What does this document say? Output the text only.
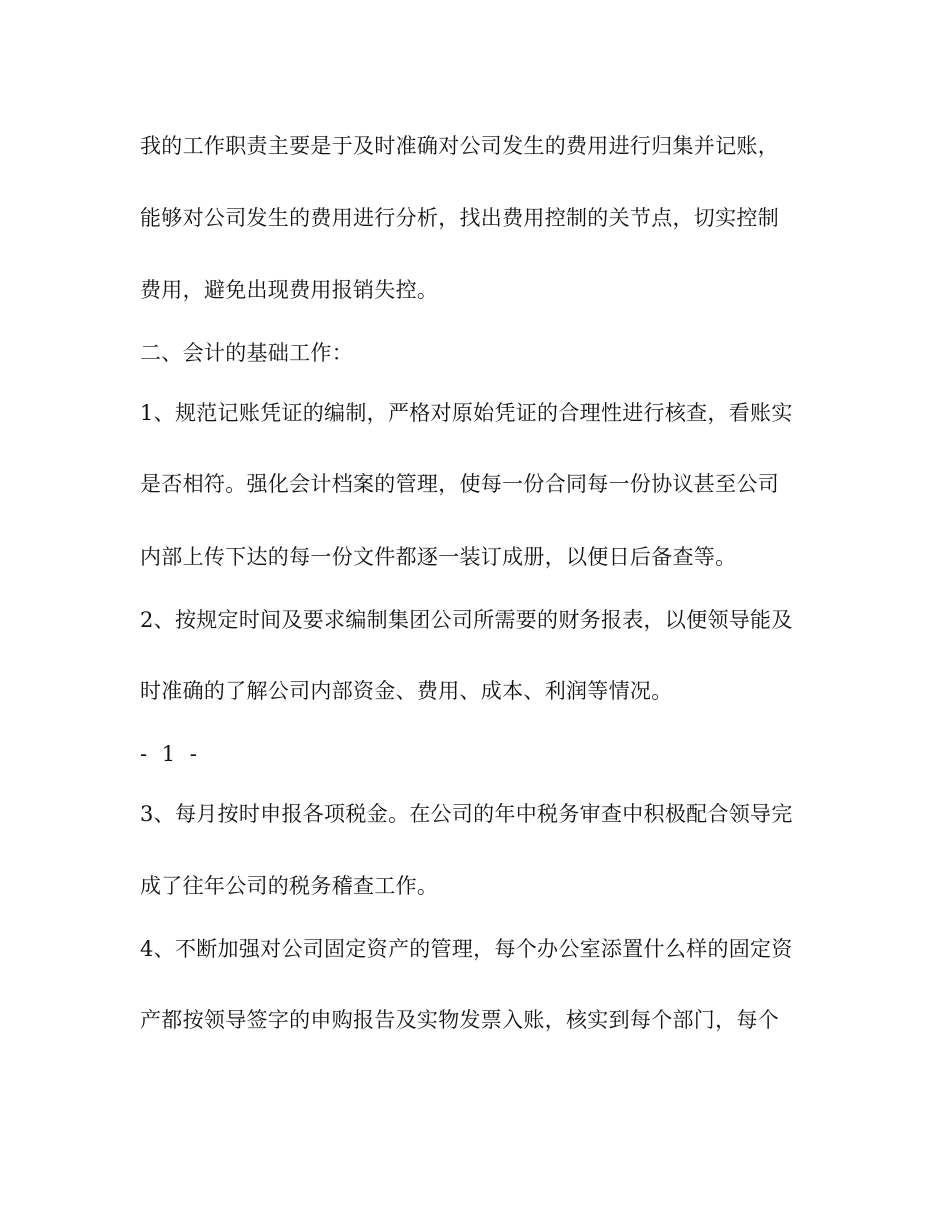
我的工作职责主要是于及时准确对公司发生的费用进行归集并记账，
能够对公司发生的费用进行分析，找出费用控制的关节点，切实控制
费用，避免出现费用报销失控。
二、会计的基础工作：
1、规范记账凭证的编制，严格对原始凭证的合理性进行核查，看账实
是否相符。强化会计档案的管理，使每一份合同每一份协议甚至公司
内部上传下达的每一份文件都逐一装订成册，以便日后备查等。
2、按规定时间及要求编制集团公司所需要的财务报表，以便领导能及
时准确的了解公司内部资金、费用、成本、利润等情况。
- 1 -
3、每月按时申报各项税金。在公司的年中税务审查中积极配合领导完
成了往年公司的税务稽查工作。
4、不断加强对公司固定资产的管理，每个办公室添置什么样的固定资
产都按领导签字的申购报告及实物发票入账，核实到每个部门，每个
